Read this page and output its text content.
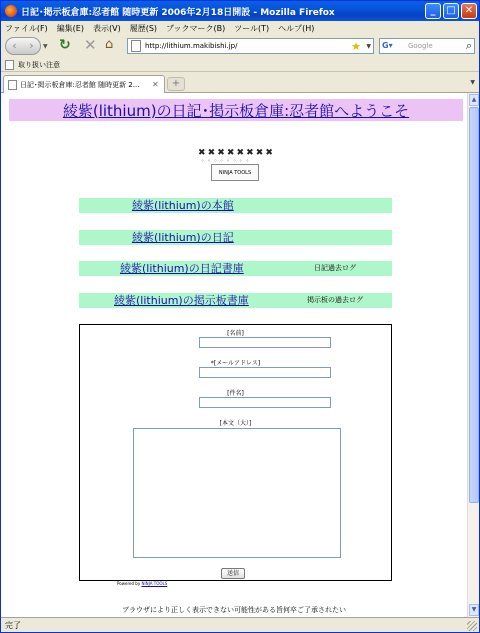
日記･掲示板倉庫:忍者館 随時更新 2006年2月18日開設 - Mozilla Firefox	_	□ ✕
ファイル(F) 編集(E) 表示(V) 履歴(S) ブックマーク(B) ツール(T) ヘルプ(H)
‹	›	▼ ↻ ✕ ⌂	http://lithium.makibishi.jp/	★ ▼ G▾	Google	⌕
取り扱い注意
日記･掲示板倉庫:忍者館 随時更新 2...	✕	+	▼
綾紫(lithium)の日記･掲示板倉庫:忍者館へようこそ
✖ ✖ ✖ ✖ ✖ ✖ ✖ ✖
⁘⁘⁘⁘⁘⁘⁘⁘
NINJA TOOLS
綾紫(lithium)の本館
綾紫(lithium)の日記
綾紫(lithium)の日記書庫	日記過去ログ
綾紫(lithium)の掲示板書庫	掲示板の過去ログ
[名前]
*[メールアドレス]
[件名]
[本文（大）]
送信
Powered by NINJA TOOLS
ブラウザにより正しく表示できない可能性がある旨何卒ご了承されたい
▲
▼
完了
